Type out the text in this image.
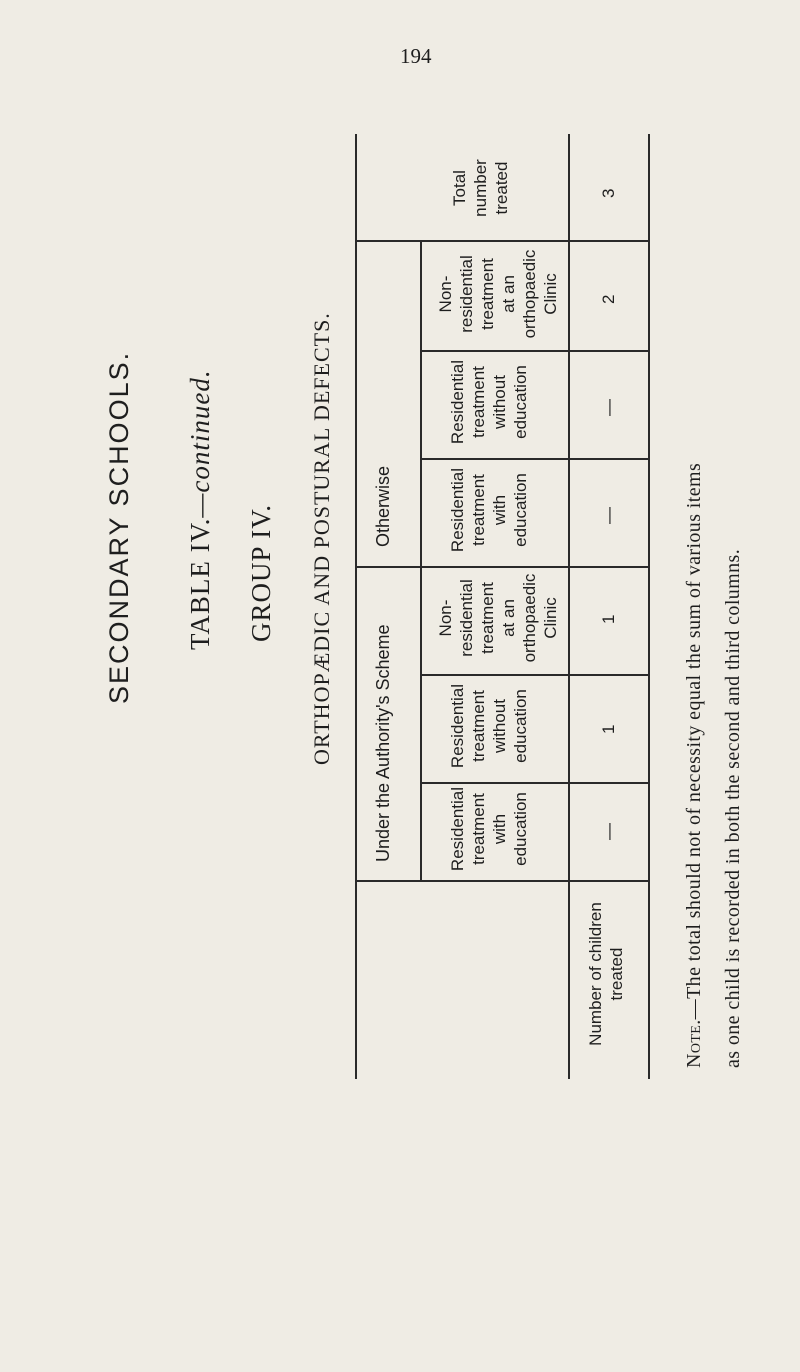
194
SECONDARY SCHOOLS. TABLE IV.—continued.
GROUP IV. ORTHOPÆDIC AND POSTURAL DEFECTS. Otherwise
Under the Authority's Scheme
Total
number
treated
Non-
residential
treatment
at an
orthopaedic
Clinic
Residential
treatment
without
education
Residential
treatment
with
education
Non-
residential
treatment
at an
orthopaedic
Clinic
Residential
treatment
without
education
Residential
treatment
with
education
Number of children treated
3
2
—
—
1
1
—
Note.—The total should not of necessity equal the sum of various items as one child is recorded in both the second and third columns.
